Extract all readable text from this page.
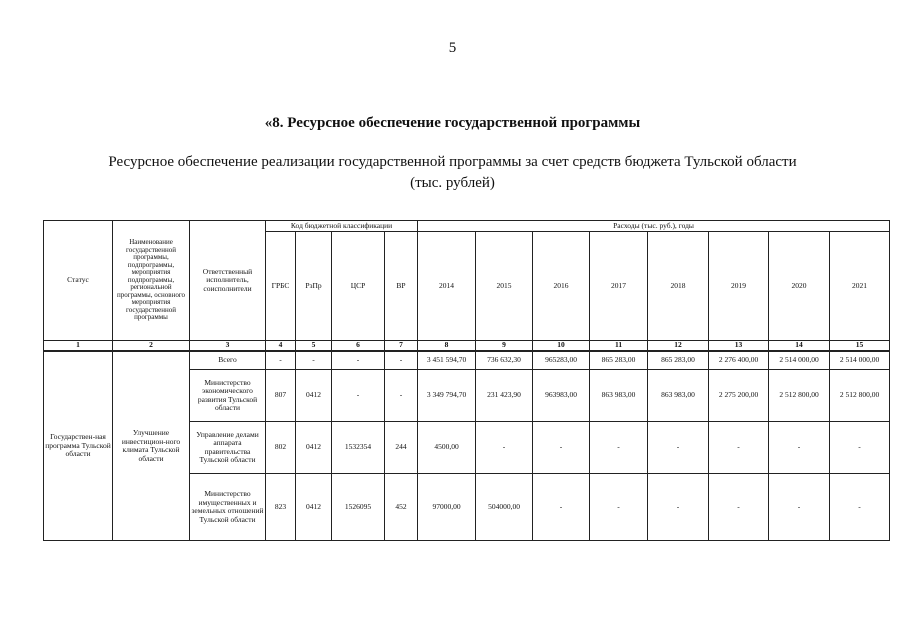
5
«8. Ресурсное обеспечение государственной программы
Ресурсное обеспечение реализации государственной программы за счет средств бюджета Тульской области
(тыс. рублей)
Статус	Наименование государственной программы, подпрограммы, мероприятия подпрограммы, региональной программы, основного мероприятия государственной программы	Ответственный исполнитель, соисполнители	Код бюджетной классификации				Расходы (тыс. руб.), годы							
			ГРБС	РзПр	ЦСР	ВР	2014	2015	2016	2017	2018	2019	2020	2021
1	2	3	4	5	6	7	8	9	10	11	12	13	14	15
Государствен-ная программа Тульской области	Улучшение инвестицион-ного климата Тульской области	Всего	-	-	-	-	3 451 594,70	736 632,30	965283,00	865 283,00	865 283,00	2 276 400,00	2 514 000,00	2 514 000,00
		Министерство экономического развития Тульской области	807	0412	-	-	3 349 794,70	231 423,90	963983,00	863 983,00	863 983,00	2 275 200,00	2 512 800,00	2 512 800,00
		Управление делами аппарата правительства Тульской области	802	0412	1532354	244	4500,00	-	-	-	-	-	-	-
		Министерство имущественных и земельных отношений Тульской области	823	0412	1526095	452	97000,00	504000,00	-	-	-	-	-	-
